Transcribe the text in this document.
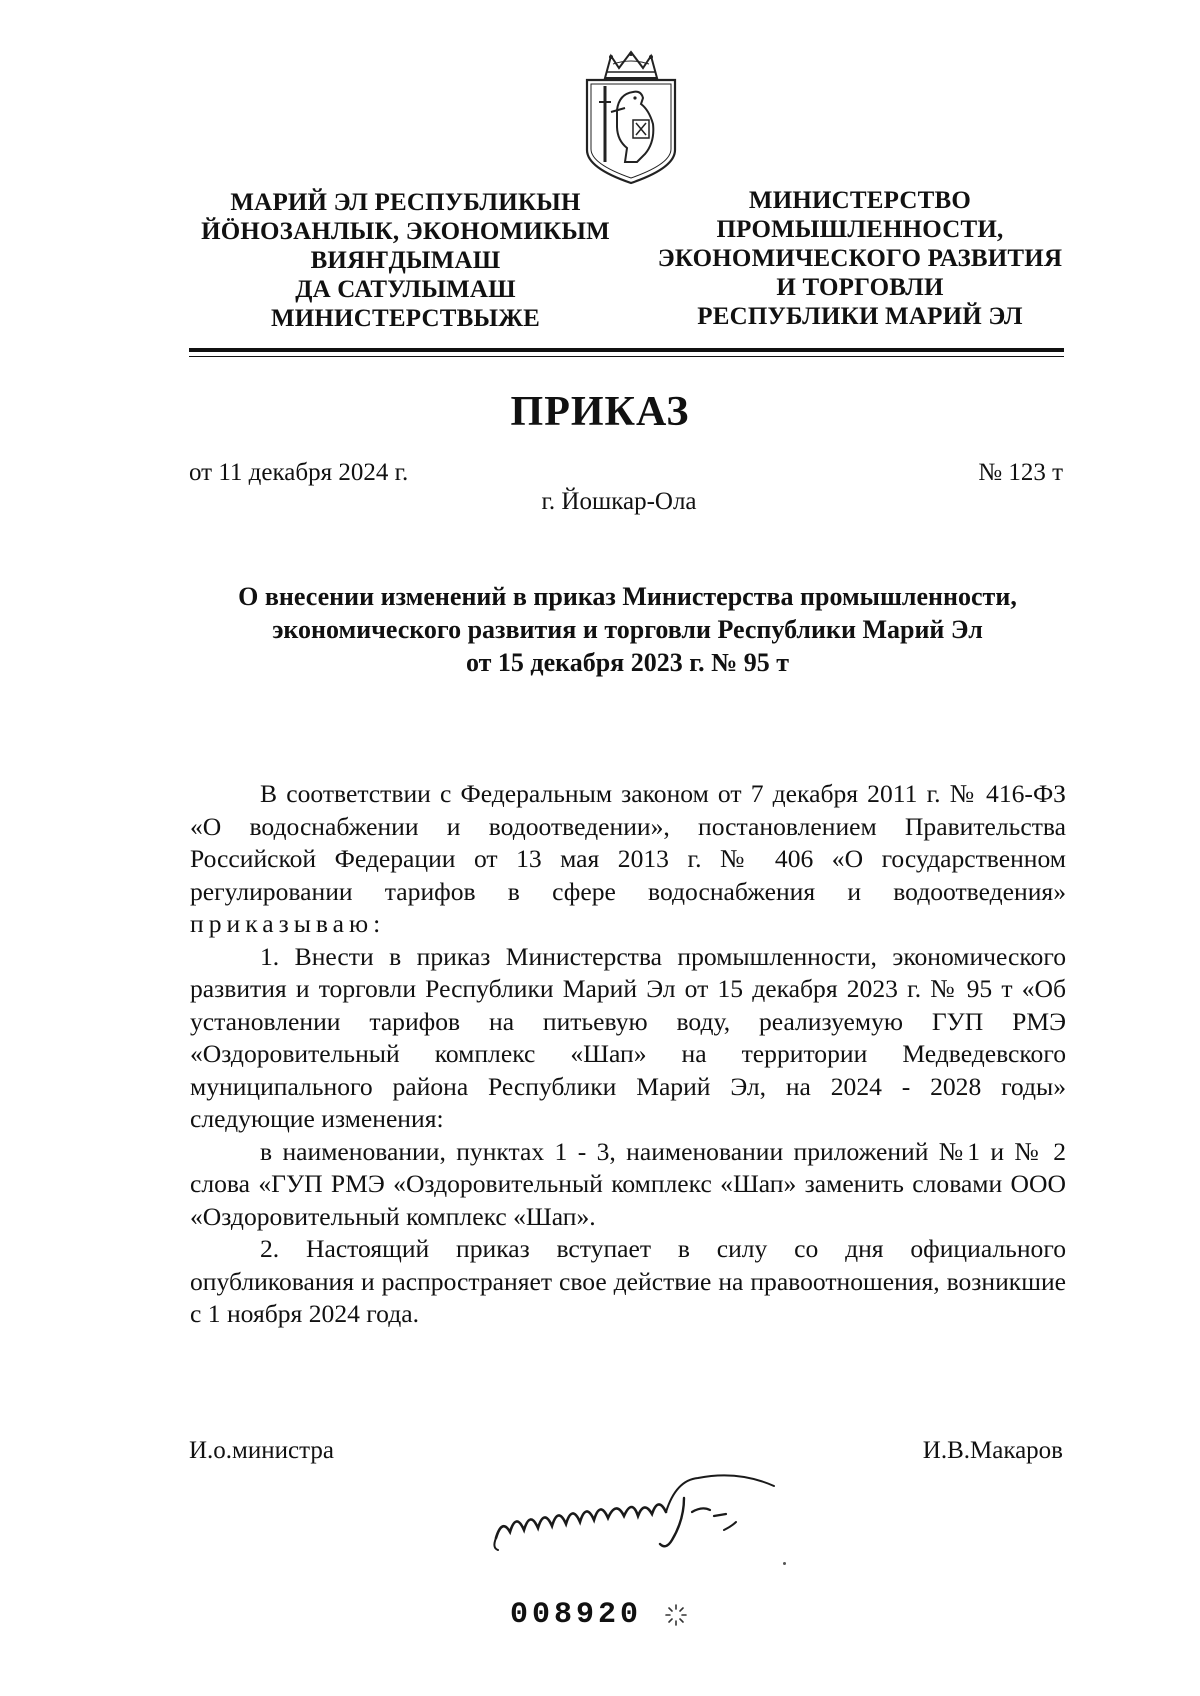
МАРИЙ ЭЛ РЕСПУБЛИКЫН
ЙӦНОЗАНЛЫК, ЭКОНОМИКЫМ
ВИЯҤДЫМАШ
ДА САТУЛЫМАШ
МИНИСТЕРСТВЫЖЕ
МИНИСТЕРСТВО
ПРОМЫШЛЕННОСТИ,
ЭКОНОМИЧЕСКОГО РАЗВИТИЯ
И ТОРГОВЛИ
РЕСПУБЛИКИ МАРИЙ ЭЛ
ПРИКАЗ
от 11 декабря 2024 г.	№ 123 т
г. Йошкар-Ола
О внесении изменений в приказ Министерства промышленности,
экономического развития и торговли Республики Марий Эл
от 15 декабря 2023 г. № 95 т

В соответствии с Федеральным законом от 7 декабря 2011 г. № 416-ФЗ «О водоснабжении и водоотведении», постановлением Правительства Российской Федерации от 13 мая 2013 г. № 406 «О государственном регулировании тарифов в сфере водоснабжения и водоотведения» приказываю:

1. Внести в приказ Министерства промышленности, экономического развития и торговли Республики Марий Эл от 15 декабря 2023 г. № 95 т «Об установлении тарифов на питьевую воду, реализуемую ГУП РМЭ «Оздоровительный комплекс «Шап» на территории Медведевского муниципального района Республики Марий Эл, на 2024 - 2028 годы» следующие изменения:

в наименовании, пунктах 1 - 3, наименовании приложений №1 и № 2 слова «ГУП РМЭ «Оздоровительный комплекс «Шап» заменить словами ООО «Оздоровительный комплекс «Шап».

2. Настоящий приказ вступает в силу со дня официального опубликования и распространяет свое действие на правоотношения, возникшие с 1 ноября 2024 года.

И.о.министра	И.В.Макаров
008920
